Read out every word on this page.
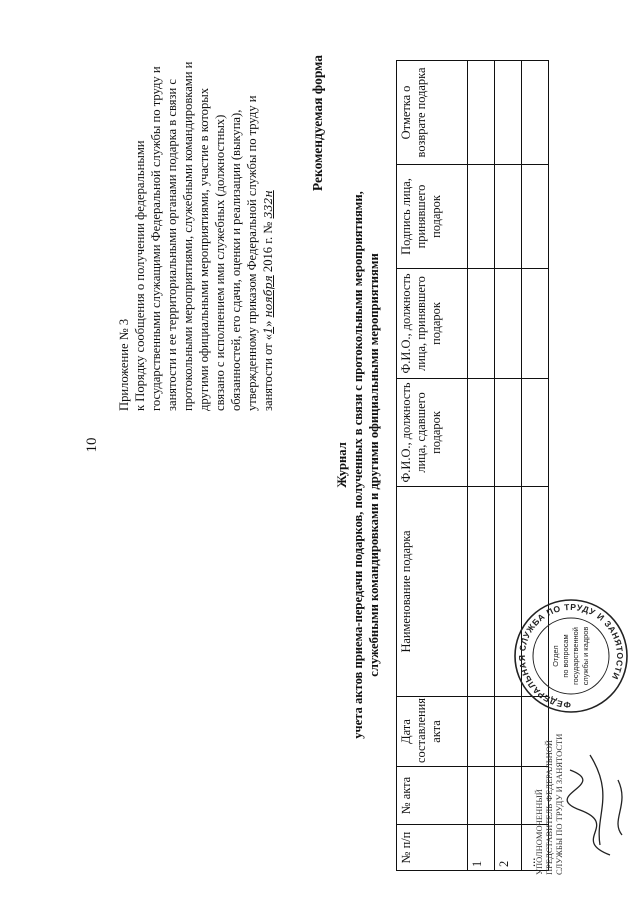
10
Приложение № 3 к Порядку сообщения о получении федеральными государственными служащими Федеральной службы по труду и занятости и ее территориальными органами подарка в связи с протокольными мероприятиями, служебными командировками и другими официальными мероприятиями, участие в которых связано с исполнением ими служебных (должностных) обязанностей, его сдачи, оценки и реализации (выкупа), утвержденному приказом Федеральной службы по труду и занятости от «1» ноября 2016 г. № 332н
Рекомендуемая форма
Журнал учета актов приема-передачи подарков, полученных в связи с протокольными мероприятиями, служебными командировками и другими официальными мероприятиями
№ п/п	№ акта	Дата составления акта	Наименование подарка	Ф.И.О., должность лица, сдавшего подарок	Ф.И.О., должность лица, принявшего подарок	Подпись лица, принявшего подарок	Отметка о возврате подарка
1							
2							
...							
УПОЛНОМОЧЕННЫЙ ПРЕДСТАВИТЕЛЬ ФЕДЕРАЛЬНОЙ СЛУЖБЫ ПО ТРУДУ И ЗАНЯТОСТИ
ФЕДЕРАЛЬНАЯ СЛУЖБА ПО ТРУДУ И ЗАНЯТОСТИ
Отдел по вопросам государственной службы и кадров
